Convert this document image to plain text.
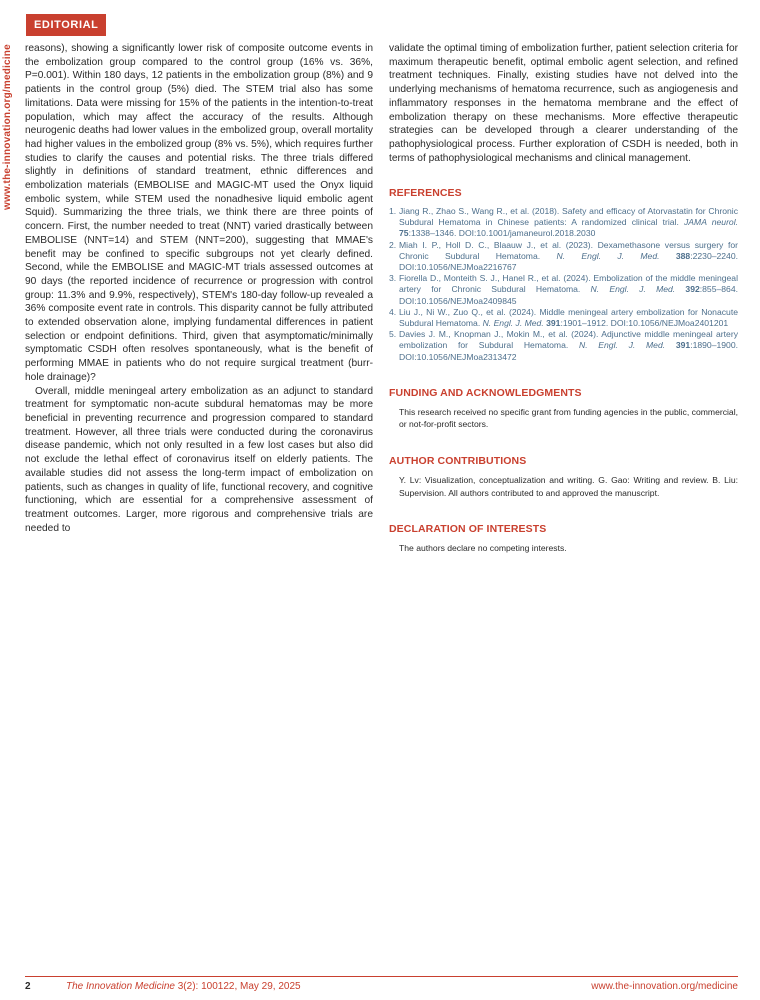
EDITORIAL
www.the-innovation.org/medicine	reasons), showing a significantly lower risk of composite outcome events in the embolization group compared to the control group (16% vs. 36%, P=0.001). Within 180 days, 12 patients in the embolization group (8%) and 9 patients in the control group (5%) died. The STEM trial also has some limitations. Data were missing for 15% of the patients in the intention-to-treat population, which may affect the accuracy of the results. Although neurogenic deaths had lower values in the embolized group, overall mortality had higher values in the embolized group (8% vs. 5%), which requires further studies to clarify the causes and potential risks. The three trials differed slightly in definitions of standard treatment, ethnic differences and embolization materials (EMBOLISE and MAGIC-MT used the Onyx liquid embolic system, while STEM used the nonadhesive liquid embolic agent Squid). Summarizing the three trials, we think there are three points of concern. First, the number needed to treat (NNT) varied drastically between EMBOLISE (NNT=14) and STEM (NNT=200), suggesting that MMAE's benefit may be confined to specific subgroups not yet clearly defined. Second, while the EMBOLISE and MAGIC-MT trials assessed outcomes at 90 days (the reported incidence of recurrence or progression with control group: 11.3% and 9.9%, respectively), STEM's 180-day follow-up revealed a 36% composite event rate in controls. This disparity cannot be fully attributed to extended observation alone, implying fundamental differences in patient selection or endpoint definitions. Third, given that asymptomatic/minimally symptomatic CSDH often resolves spontaneously, what is the benefit of performing MMAE in patients who do not require surgical treatment (burr-hole drainage)?

Overall, middle meningeal artery embolization as an adjunct to standard treatment for symptomatic non-acute subdural hematomas may be more beneficial in preventing recurrence and progression compared to standard treatment. However, all three trials were conducted during the coronavirus disease pandemic, which not only resulted in a few lost cases but also did not exclude the lethal effect of coronavirus itself on elderly patients. The available studies did not assess the long-term impact of embolization on patients, such as changes in quality of life, functional recovery, and cognitive functioning, which are essential for a comprehensive assessment of treatment outcomes. Larger, more rigorous and comprehensive trials are needed to

validate the optimal timing of embolization further, patient selection criteria for maximum therapeutic benefit, optimal embolic agent selection, and refined treatment techniques. Finally, existing studies have not delved into the underlying mechanisms of hematoma recurrence, such as angiogenesis and inflammatory responses in the hematoma membrane and the effect of embolization therapy on these mechanisms. More effective therapeutic strategies can be developed through a clearer understanding of the pathophysiological process. Further exploration of CSDH is needed, both in terms of pathophysiological mechanisms and clinical management.

REFERENCES
1. Jiang R., Zhao S., Wang R., et al. (2018). Safety and efficacy of Atorvastatin for Chronic Subdural Hematoma in Chinese patients: A randomized clinical trial. JAMA neurol. 75:1338–1346. DOI:10.1001/jamaneurol.2018.2030
2. Miah I. P., Holl D. C., Blaauw J., et al. (2023). Dexamethasone versus surgery for Chronic Subdural Hematoma. N. Engl. J. Med. 388:2230–2240. DOI:10.1056/NEJMoa2216767
3. Fiorella D., Monteith S. J., Hanel R., et al. (2024). Embolization of the middle meningeal artery for Chronic Subdural Hematoma. N. Engl. J. Med. 392:855–864. DOI:10.1056/NEJMoa2409845
4. Liu J., Ni W., Zuo Q., et al. (2024). Middle meningeal artery embolization for Nonacute Subdural Hematoma. N. Engl. J. Med. 391:1901–1912. DOI:10.1056/NEJMoa2401201
5. Davies J. M., Knopman J., Mokin M., et al. (2024). Adjunctive middle meningeal artery embolization for Subdural Hematoma. N. Engl. J. Med. 391:1890–1900. DOI:10.1056/NEJMoa2313472
FUNDING AND ACKNOWLEDGMENTS
This research received no specific grant from funding agencies in the public, commercial, or not-for-profit sectors.
AUTHOR CONTRIBUTIONS
Y. Lv: Visualization, conceptualization and writing. G. Gao: Writing and review. B. Liu: Supervision. All authors contributed to and approved the manuscript.
DECLARATION OF INTERESTS
The authors declare no competing interests.
2	The Innovation Medicine 3(2): 100122, May 29, 2025	www.the-innovation.org/medicine
